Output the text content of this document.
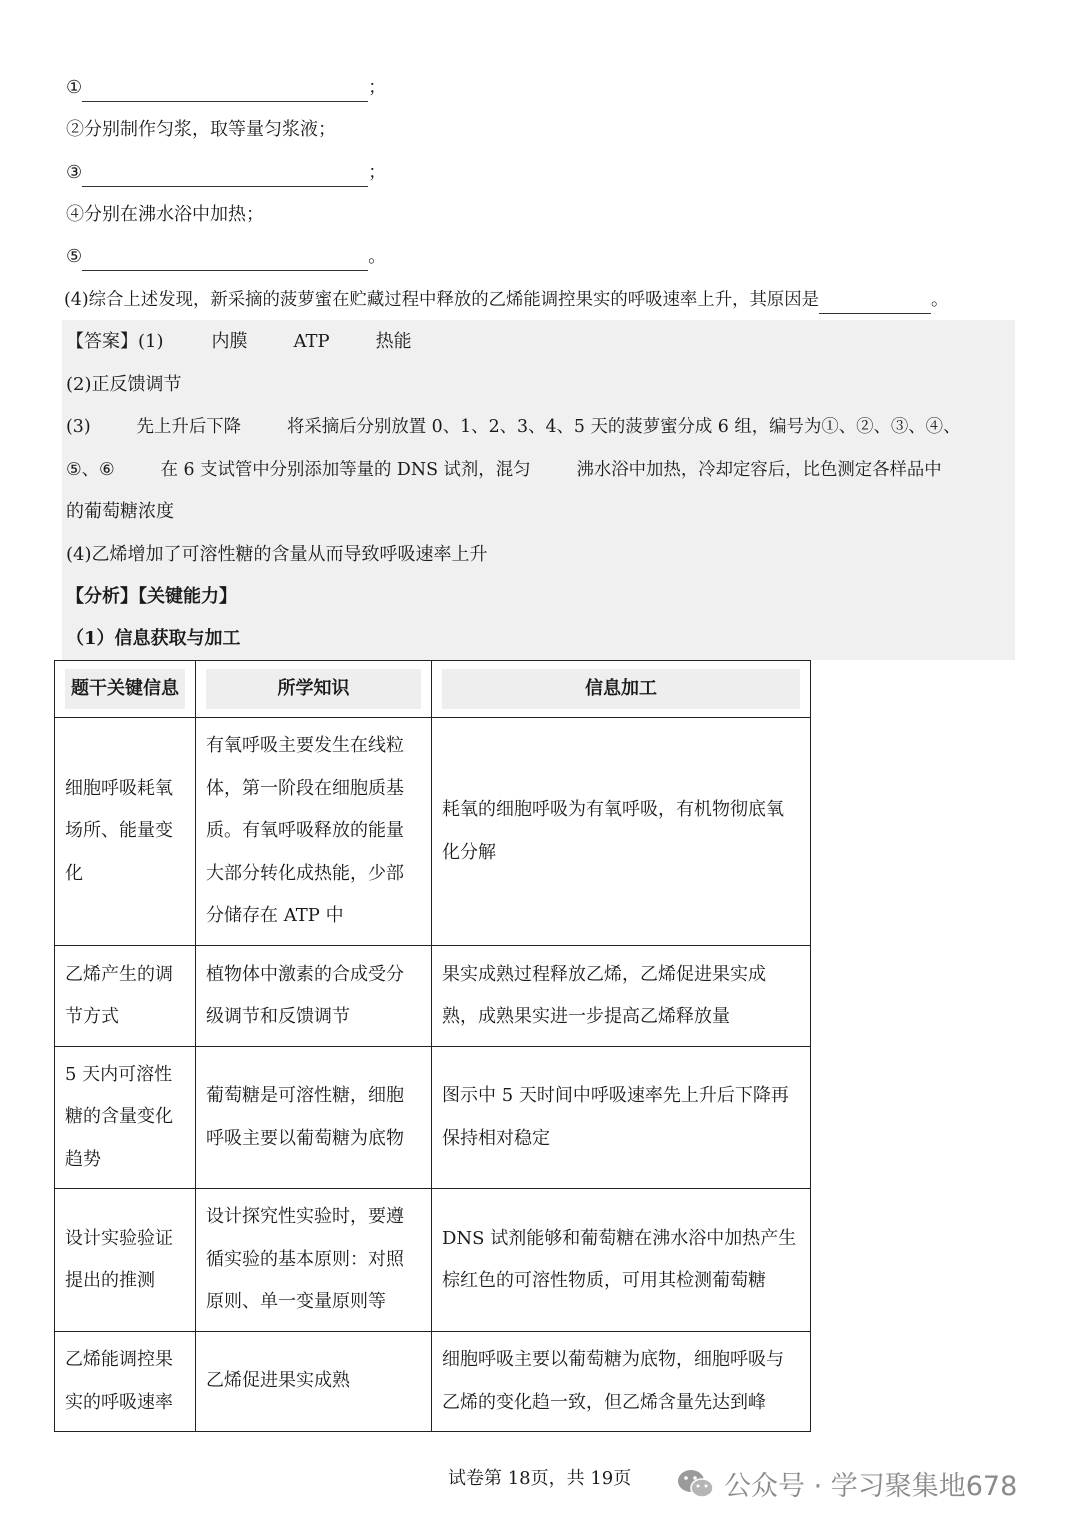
①	；
②分别制作匀浆，取等量匀浆液；
③	；
④分别在沸水浴中加热；
⑤	。
(4)综合上述发现，新采摘的菠萝蜜在贮藏过程中释放的乙烯能调控果实的呼吸速率上升，其原因是	。
【答案】(1)	内膜	ATP	热能
(2)正反馈调节
(3)	先上升后下降	将采摘后分别放置 0、1、2、3、4、5 天的菠萝蜜分成 6 组，编号为①、②、③、④、
⑤、⑥	在 6 支试管中分别添加等量的 DNS 试剂，混匀	沸水浴中加热，冷却定容后，比色测定各样品中
的葡萄糖浓度
(4)乙烯增加了可溶性糖的含量从而导致呼吸速率上升
【分析】【关键能力】
（1）信息获取与加工
题干关键信息	所学知识	信息加工

细胞呼吸耗氧场所、能量变化	有氧呼吸主要发生在线粒体，第一阶段在细胞质基质。有氧呼吸释放的能量大部分转化成热能，少部分储存在 ATP 中	耗氧的细胞呼吸为有氧呼吸，有机物彻底氧化分解
乙烯产生的调节方式	植物体中激素的合成受分级调节和反馈调节	果实成熟过程释放乙烯，乙烯促进果实成熟，成熟果实进一步提高乙烯释放量
5 天内可溶性糖的含量变化趋势	葡萄糖是可溶性糖，细胞呼吸主要以葡萄糖为底物	图示中 5 天时间中呼吸速率先上升后下降再保持相对稳定
设计实验验证提出的推测	设计探究性实验时，要遵循实验的基本原则：对照原则、单一变量原则等	DNS 试剂能够和葡萄糖在沸水浴中加热产生棕红色的可溶性物质，可用其检测葡萄糖
乙烯能调控果实的呼吸速率	乙烯促进果实成熟	细胞呼吸主要以葡萄糖为底物，细胞呼吸与乙烯的变化趋一致，但乙烯含量先达到峰
试卷第 18页，共 19页	公众号 · 学习聚集地678
